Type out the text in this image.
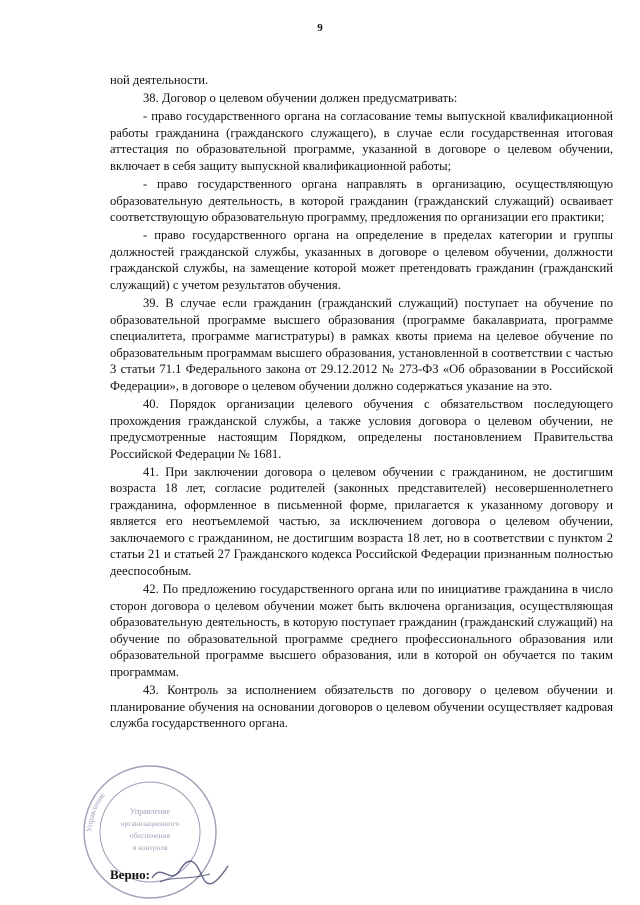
9

ной деятельности.

38. Договор о целевом обучении должен предусматривать:

- право государственного органа на согласование темы выпускной квалификационной работы гражданина (гражданского служащего), в случае если государственная итоговая аттестация по образовательной программе, указанной в договоре о целевом обучении, включает в себя защиту выпускной квалификационной работы;

- право государственного органа направлять в организацию, осуществляющую образовательную деятельность, в которой гражданин (гражданский служащий) осваивает соответствующую образовательную программу, предложения по организации его практики;

- право государственного органа на определение в пределах категории и группы должностей гражданской службы, указанных в договоре о целевом обучении, должности гражданской службы, на замещение которой может претендовать гражданин (гражданский служащий) с учетом результатов обучения.

39. В случае если гражданин (гражданский служащий) поступает на обучение по образовательной программе высшего образования (программе бакалавриата, программе специалитета, программе магистратуры) в рамках квоты приема на целевое обучение по образовательным программам высшего образования, установленной в соответствии с частью 3 статьи 71.1 Федерального закона от 29.12.2012 № 273-ФЗ «Об образовании в Российской Федерации», в договоре о целевом обучении должно содержаться указание на это.

40. Порядок организации целевого обучения с обязательством последующего прохождения гражданской службы, а также условия договора о целевом обучении, не предусмотренные настоящим Порядком, определены постановлением Правительства Российской Федерации № 1681.

41. При заключении договора о целевом обучении с гражданином, не достигшим возраста 18 лет, согласие родителей (законных представителей) несовершеннолетнего гражданина, оформленное в письменной форме, прилагается к указанному договору и является его неотъемлемой частью, за исключением договора о целевом обучении, заключаемого с гражданином, не достигшим возраста 18 лет, но в соответствии с пунктом 2 статьи 21 и статьей 27 Гражданского кодекса Российской Федерации признанным полностью дееспособным.

42. По предложению государственного органа или по инициативе гражданина в число сторон договора о целевом обучении может быть включена организация, осуществляющая образовательную деятельность, в которую поступает гражданин (гражданский служащий) на обучение по образовательной программе среднего профессионального образования или образовательной программе высшего образования, или в которой он обучается по таким программам.

43. Контроль за исполнением обязательств по договору о целевом обучении и планирование обучения на основании договоров о целевом обучении осуществляет кадровая служба государственного органа.

Управление
Управление
организационного
обеспечения
и контроля
Верно:
